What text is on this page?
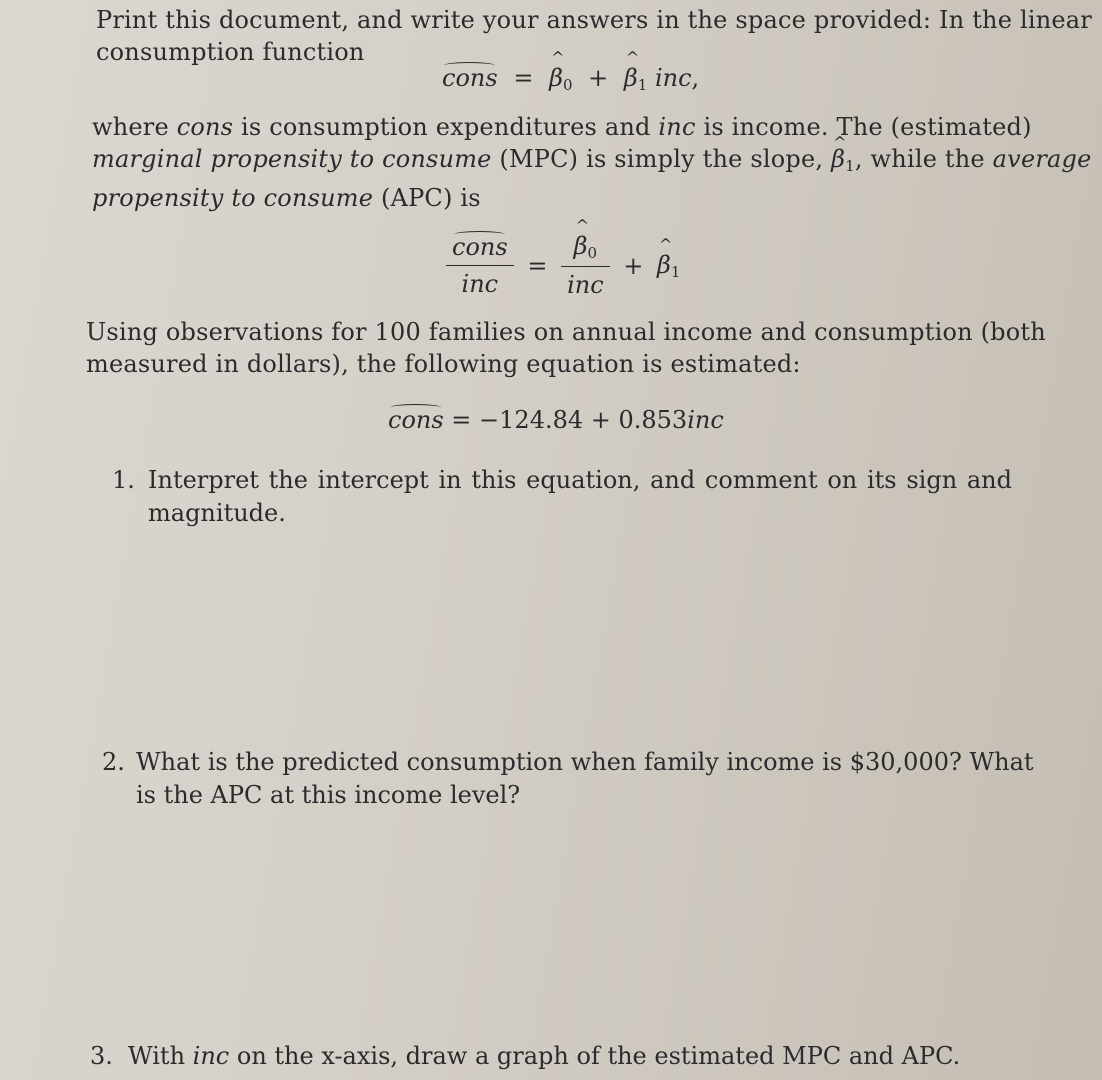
Print this document, and write your answers in the space provided: In the linear
consumption function
cons = ^ $\beta_0$ + ^ $\beta_1$ inc,
where cons is consumption expenditures and inc is income. The (estimated)
marginal propensity to consume (MPC) is simply the slope, ^ $\beta_1$, while the average
propensity to consume (APC) is
$\frac{\text{cons}}{\text{inc}}$ = ^ $\frac{\beta_0}{\text{inc}}$ + ^ $\beta_1$
Using observations for 100 families on annual income and consumption (both
measured in dollars), the following equation is estimated:
cons = −124.84 + 0.853inc
1. Interpret the intercept in this equation, and comment on its sign and
magnitude.
2. What is the predicted consumption when family income is $30,000? What
is the APC at this income level?
3. With inc on the x-axis, draw a graph of the estimated MPC and APC.
